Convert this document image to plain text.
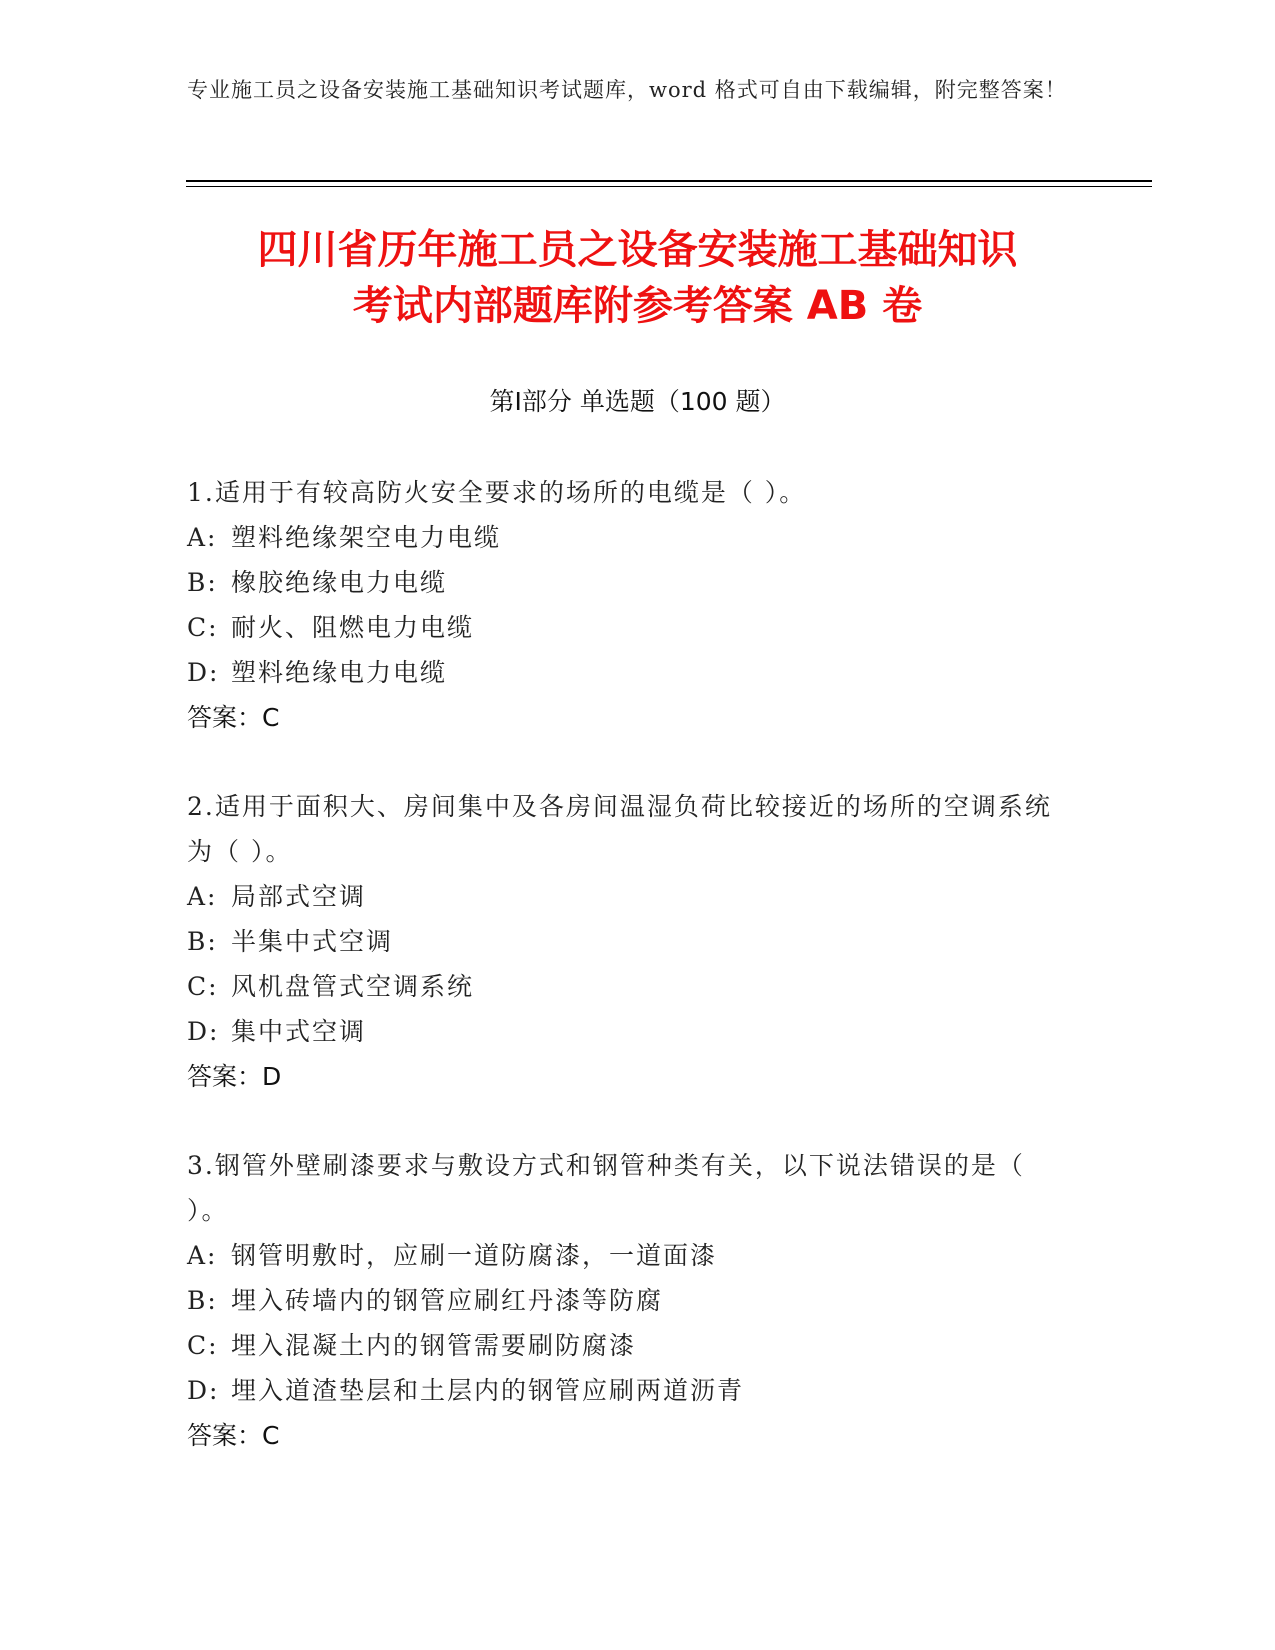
专业施工员之设备安装施工基础知识考试题库，word 格式可自由下载编辑，附完整答案！
四川省历年施工员之设备安装施工基础知识
考试内部题库附参考答案 AB 卷
第Ⅰ部分 单选题（100 题）
1.适用于有较高防火安全要求的场所的电缆是（ ）。
A: 塑料绝缘架空电力电缆
B: 橡胶绝缘电力电缆
C: 耐火、阻燃电力电缆
D: 塑料绝缘电力电缆
答案：C
2.适用于面积大、房间集中及各房间温湿负荷比较接近的场所的空调系统为（ ）。
A: 局部式空调
B: 半集中式空调
C: 风机盘管式空调系统
D: 集中式空调
答案：D
3.钢管外壁刷漆要求与敷设方式和钢管种类有关，以下说法错误的是（ ）。
A: 钢管明敷时，应刷一道防腐漆，一道面漆
B: 埋入砖墙内的钢管应刷红丹漆等防腐
C: 埋入混凝土内的钢管需要刷防腐漆
D: 埋入道渣垫层和土层内的钢管应刷两道沥青
答案：C
